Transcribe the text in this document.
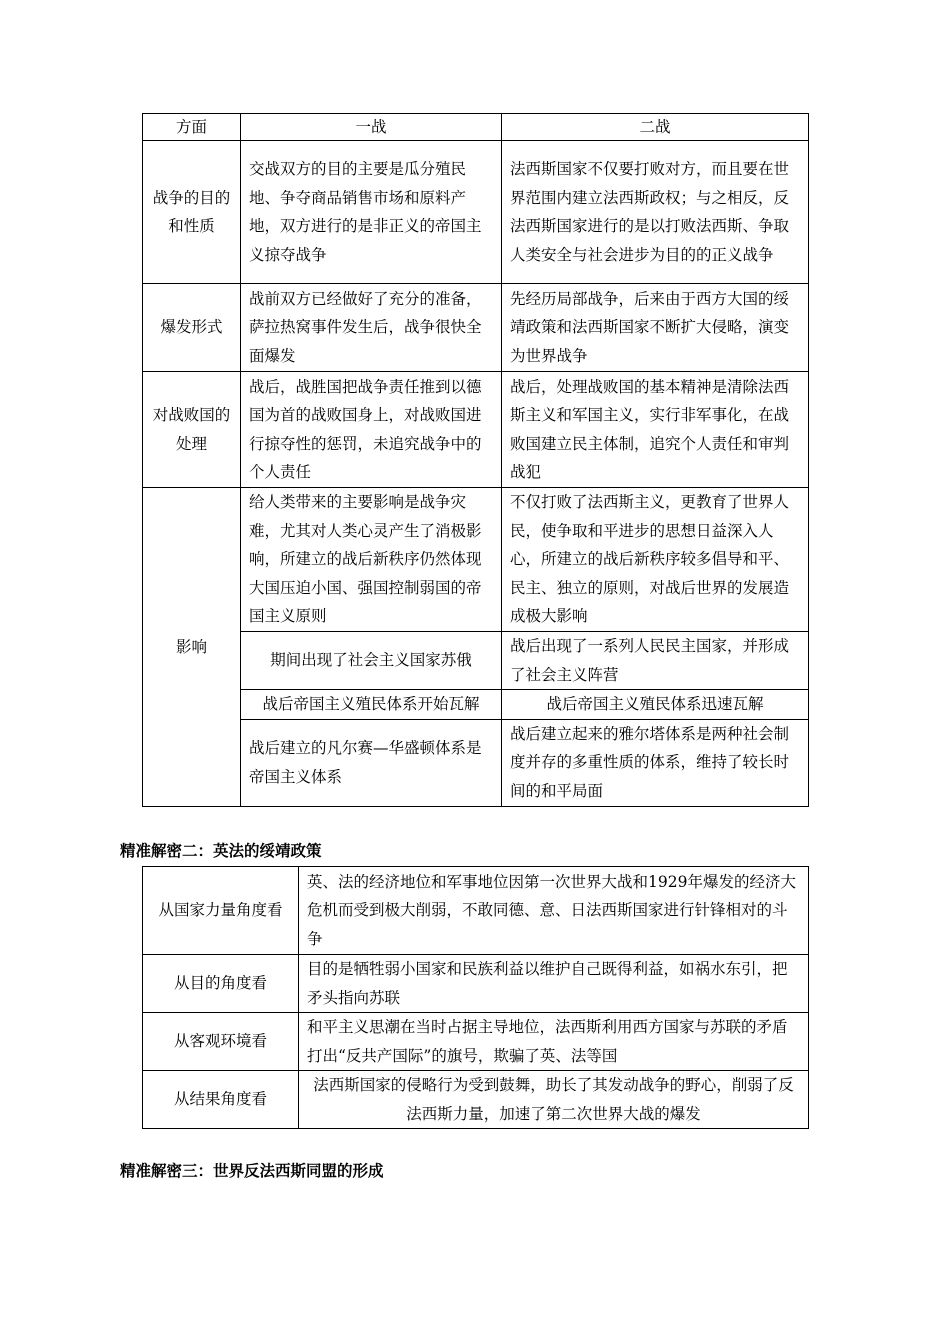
方面	一战	二战
战争的目的和性质	交战双方的目的主要是瓜分殖民地、争夺商品销售市场和原料产地，双方进行的是非正义的帝国主义掠夺战争	法西斯国家不仅要打败对方，而且要在世界范围内建立法西斯政权；与之相反，反法西斯国家进行的是以打败法西斯、争取人类安全与社会进步为目的的正义战争
爆发形式	战前双方已经做好了充分的准备，萨拉热窝事件发生后，战争很快全面爆发	先经历局部战争，后来由于西方大国的绥靖政策和法西斯国家不断扩大侵略，演变为世界战争
对战败国的处理	战后，战胜国把战争责任推到以德国为首的战败国身上，对战败国进行掠夺性的惩罚，未追究战争中的个人责任	战后，处理战败国的基本精神是清除法西斯主义和军国主义，实行非军事化，在战败国建立民主体制，追究个人责任和审判战犯
影响	给人类带来的主要影响是战争灾难，尤其对人类心灵产生了消极影响，所建立的战后新秩序仍然体现大国压迫小国、强国控制弱国的帝国主义原则	不仅打败了法西斯主义，更教育了世界人民，使争取和平进步的思想日益深入人心，所建立的战后新秩序较多倡导和平、民主、独立的原则，对战后世界的发展造成极大影响
	期间出现了社会主义国家苏俄	战后出现了一系列人民民主国家，并形成了社会主义阵营
	战后帝国主义殖民体系开始瓦解	战后帝国主义殖民体系迅速瓦解
	战后建立的凡尔赛—华盛顿体系是帝国主义体系	战后建立起来的雅尔塔体系是两种社会制度并存的多重性质的体系，维持了较长时间的和平局面
精准解密二：英法的绥靖政策
从国家力量角度看	英、法的经济地位和军事地位因第一次世界大战和1929年爆发的经济大危机而受到极大削弱，不敢同德、意、日法西斯国家进行针锋相对的斗争
从目的角度看	目的是牺牲弱小国家和民族利益以维护自己既得利益，如祸水东引，把矛头指向苏联
从客观环境看	和平主义思潮在当时占据主导地位，法西斯利用西方国家与苏联的矛盾打出“反共产国际”的旗号，欺骗了英、法等国
从结果角度看	法西斯国家的侵略行为受到鼓舞，助长了其发动战争的野心，削弱了反法西斯力量，加速了第二次世界大战的爆发
精准解密三：世界反法西斯同盟的形成
